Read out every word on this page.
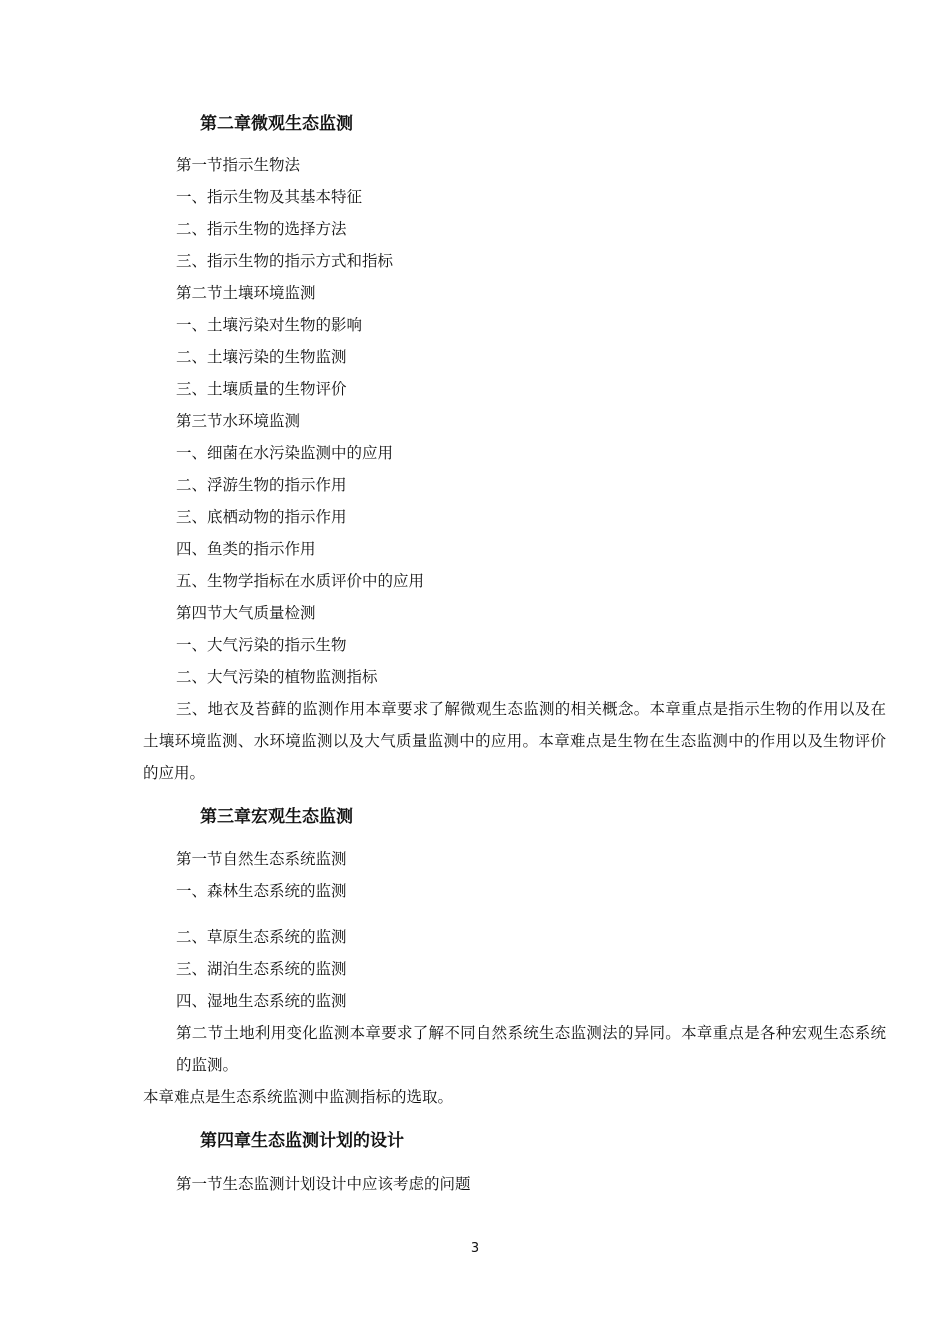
第二章微观生态监测
第一节指示生物法
一、指示生物及其基本特征
二、指示生物的选择方法
三、指示生物的指示方式和指标
第二节土壤环境监测
一、土壤污染对生物的影响
二、土壤污染的生物监测
三、土壤质量的生物评价
第三节水环境监测
一、细菌在水污染监测中的应用
二、浮游生物的指示作用
三、底栖动物的指示作用
四、鱼类的指示作用
五、生物学指标在水质评价中的应用
第四节大气质量检测
一、大气污染的指示生物
二、大气污染的植物监测指标

三、地衣及苔藓的监测作用本章要求了解微观生态监测的相关概念。本章重点是指示生物的作用以及在土壤环境监测、水环境监测以及大气质量监测中的应用。本章难点是生物在生态监测中的作用以及生物评价的应用。

第三章宏观生态监测
第一节自然生态系统监测
一、森林生态系统的监测
二、草原生态系统的监测
三、湖泊生态系统的监测
四、湿地生态系统的监测

第二节土地利用变化监测本章要求了解不同自然系统生态监测法的异同。本章重点是各种宏观生态系统的监测。

本章难点是生态系统监测中监测指标的选取。
第四章生态监测计划的设计
第一节生态监测计划设计中应该考虑的问题
3
